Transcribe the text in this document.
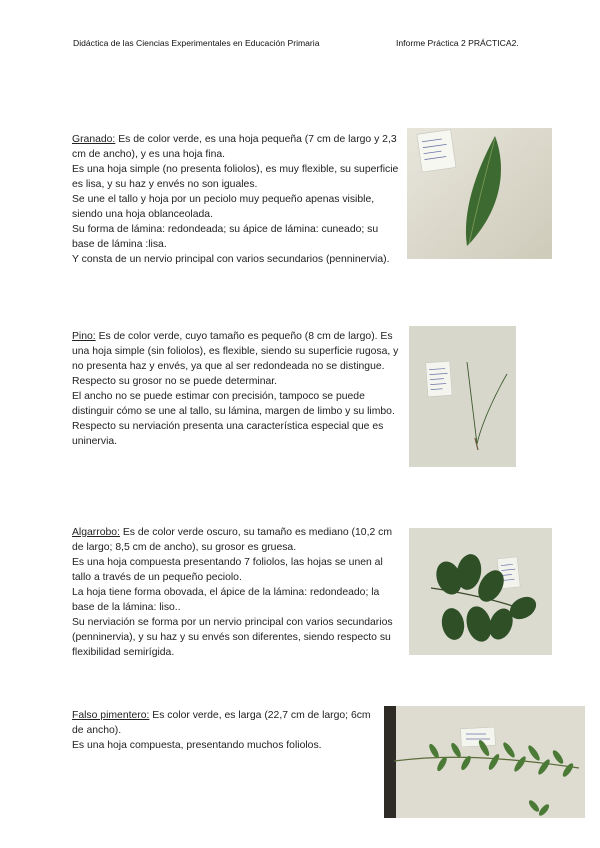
Didáctica de las Ciencias Experimentales en Educación Primaria	Informe Práctica 2 PRÁCTICA2.

Granado: Es de color verde, es una hoja pequeña (7 cm de largo y 2,3 cm de ancho), y es una hoja fina.

Es una hoja simple (no presenta foliolos), es muy flexible, su superficie es lisa, y su haz y envés no son iguales.

Se une el tallo y hoja por un peciolo muy pequeño apenas visible, siendo una hoja oblanceolada.

Su forma de lámina: redondeada; su ápice de lámina: cuneado; su base de lámina :lisa.

Y consta de un nervio principal con varios secundarios (penninervia).

Pino: Es de color verde, cuyo tamaño es pequeño (8 cm de largo). Es una hoja simple (sin foliolos), es flexible, siendo su superficie rugosa, y no presenta haz y envés, ya que al ser redondeada no se distingue.

Respecto su grosor no se puede determinar.

El ancho no se puede estimar con precisión, tampoco se puede distinguir cómo se une al tallo, su lámina, margen de limbo y su limbo.

Respecto su nerviación presenta una característica especial que es uninervia.

Algarrobo: Es de color verde oscuro, su tamaño es mediano (10,2 cm de largo; 8,5 cm de ancho), su grosor es gruesa.

Es una hoja compuesta presentando 7 foliolos, las hojas se unen al tallo a través de un pequeño peciolo.

La hoja tiene forma obovada, el ápice de la lámina: redondeado; la base de la lámina: liso..

Su nerviación se forma por un nervio principal con varios secundarios (penninervia), y su haz y su envés son diferentes, siendo respecto su flexibilidad semirígida.

Falso pimentero: Es color verde, es larga (22,7 cm de largo; 6cm de ancho).

Es una hoja compuesta, presentando muchos foliolos.
